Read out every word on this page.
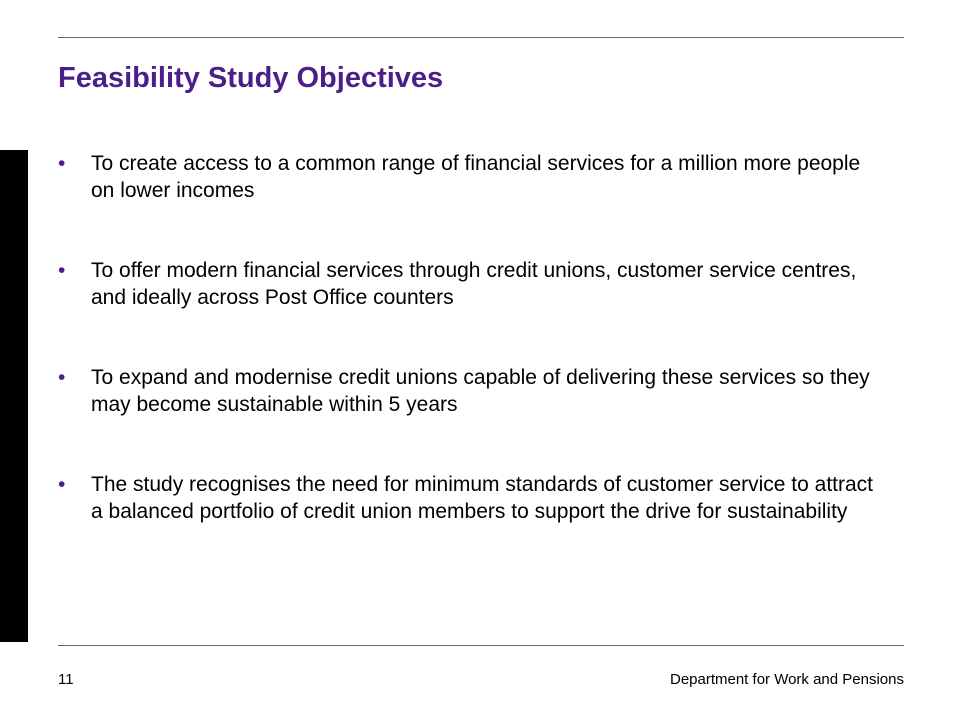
Feasibility Study Objectives
•	To create access to a common range of financial services for a million more people on lower incomes
•	To offer modern financial services through credit unions, customer service centres, and ideally across Post Office counters
•	To expand and modernise credit unions capable of delivering these services so they may become sustainable within 5 years
•	The study recognises the need for minimum standards of customer service to attract a balanced portfolio of credit union members to support the drive for sustainability
11	Department for Work and Pensions
